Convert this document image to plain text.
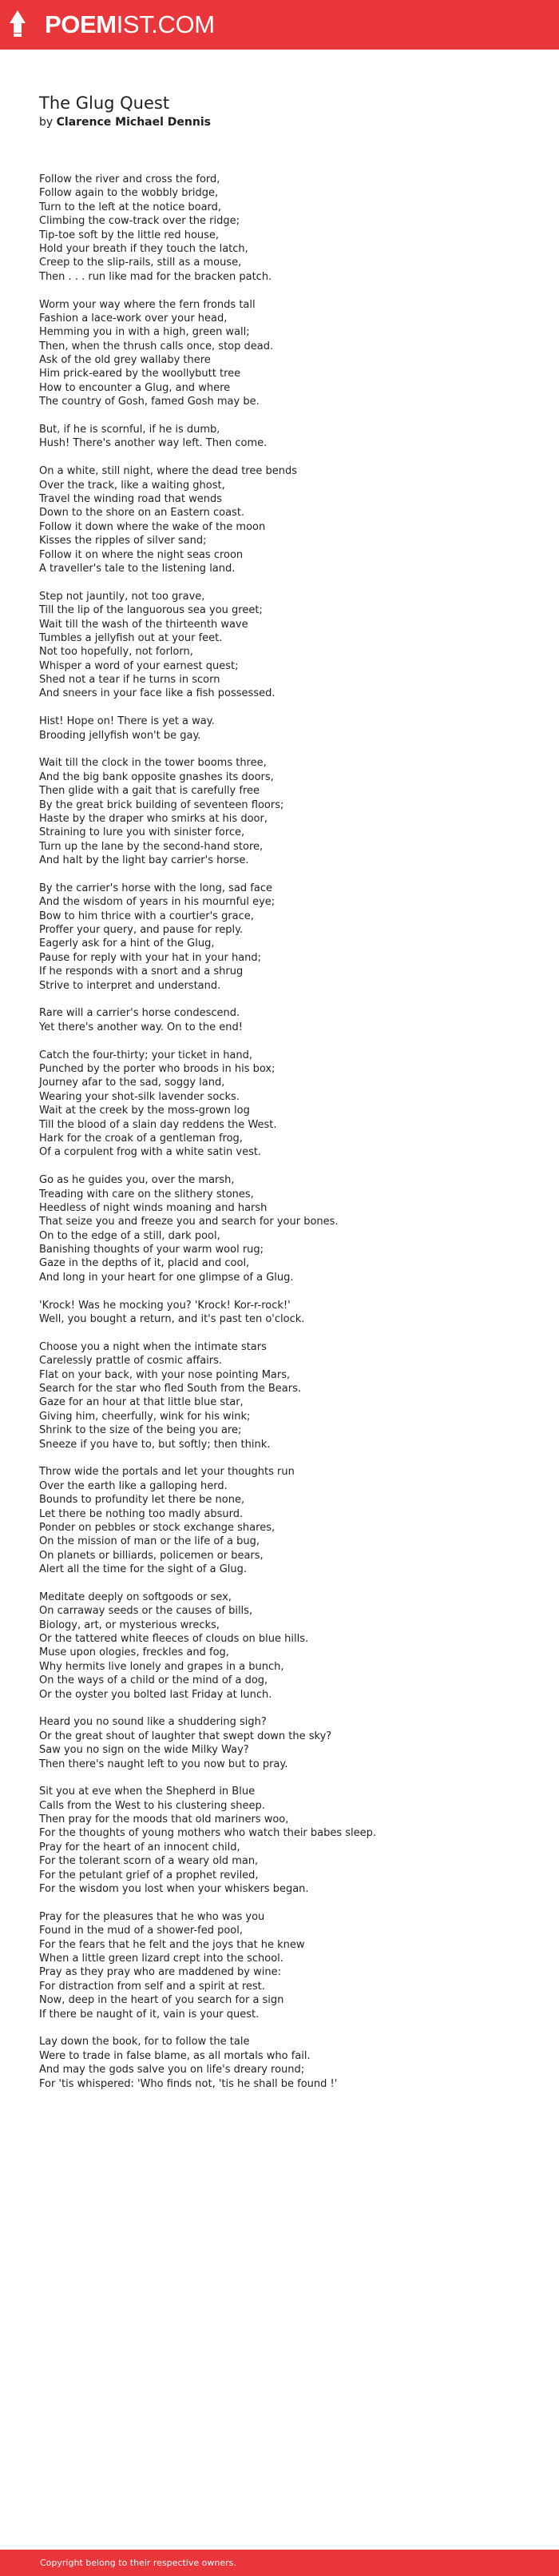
POEMIST.COM
The Glug Quest
by Clarence Michael Dennis
Follow the river and cross the ford,
Follow again to the wobbly bridge,
Turn to the left at the notice board,
Climbing the cow-track over the ridge;
Tip-toe soft by the little red house,
Hold your breath if they touch the latch,
Creep to the slip-rails, still as a mouse,
Then . . . run like mad for the bracken patch.
Worm your way where the fern fronds tall
Fashion a lace-work over your head,
Hemming you in with a high, green wall;
Then, when the thrush calls once, stop dead.
Ask of the old grey wallaby there
Him prick-eared by the woollybutt tree
How to encounter a Glug, and where
The country of Gosh, famed Gosh may be.
But, if he is scornful, if he is dumb,
Hush! There's another way left. Then come.
On a white, still night, where the dead tree bends
Over the track, like a waiting ghost,
Travel the winding road that wends
Down to the shore on an Eastern coast.
Follow it down where the wake of the moon
Kisses the ripples of silver sand;
Follow it on where the night seas croon
A traveller's tale to the listening land.
Step not jauntily, not too grave,
Till the lip of the languorous sea you greet;
Wait till the wash of the thirteenth wave
Tumbles a jellyfish out at your feet.
Not too hopefully, not forlorn,
Whisper a word of your earnest quest;
Shed not a tear if he turns in scorn
And sneers in your face like a fish possessed.
Hist! Hope on! There is yet a way.
Brooding jellyfish won't be gay.
Wait till the clock in the tower booms three,
And the big bank opposite gnashes its doors,
Then glide with a gait that is carefully free
By the great brick building of seventeen floors;
Haste by the draper who smirks at his door,
Straining to lure you with sinister force,
Turn up the lane by the second-hand store,
And halt by the light bay carrier's horse.
By the carrier's horse with the long, sad face
And the wisdom of years in his mournful eye;
Bow to him thrice with a courtier's grace,
Proffer your query, and pause for reply.
Eagerly ask for a hint of the Glug,
Pause for reply with your hat in your hand;
If he responds with a snort and a shrug
Strive to interpret and understand.
Rare will a carrier's horse condescend.
Yet there's another way. On to the end!
Catch the four-thirty; your ticket in hand,
Punched by the porter who broods in his box;
Journey afar to the sad, soggy land,
Wearing your shot-silk lavender socks.
Wait at the creek by the moss-grown log
Till the blood of a slain day reddens the West.
Hark for the croak of a gentleman frog,
Of a corpulent frog with a white satin vest.
Go as he guides you, over the marsh,
Treading with care on the slithery stones,
Heedless of night winds moaning and harsh
That seize you and freeze you and search for your bones.
On to the edge of a still, dark pool,
Banishing thoughts of your warm wool rug;
Gaze in the depths of it, placid and cool,
And long in your heart for one glimpse of a Glug.
'Krock! Was he mocking you? 'Krock! Kor-r-rock!'
Well, you bought a return, and it's past ten o'clock.
Choose you a night when the intimate stars
Carelessly prattle of cosmic affairs.
Flat on your back, with your nose pointing Mars,
Search for the star who fled South from the Bears.
Gaze for an hour at that little blue star,
Giving him, cheerfully, wink for his wink;
Shrink to the size of the being you are;
Sneeze if you have to, but softly; then think.
Throw wide the portals and let your thoughts run
Over the earth like a galloping herd.
Bounds to profundity let there be none,
Let there be nothing too madly absurd.
Ponder on pebbles or stock exchange shares,
On the mission of man or the life of a bug,
On planets or billiards, policemen or bears,
Alert all the time for the sight of a Glug.
Meditate deeply on softgoods or sex,
On carraway seeds or the causes of bills,
Biology, art, or mysterious wrecks,
Or the tattered white fleeces of clouds on blue hills.
Muse upon ologies, freckles and fog,
Why hermits live lonely and grapes in a bunch,
On the ways of a child or the mind of a dog,
Or the oyster you bolted last Friday at lunch.
Heard you no sound like a shuddering sigh?
Or the great shout of laughter that swept down the sky?
Saw you no sign on the wide Milky Way?
Then there's naught left to you now but to pray.
Sit you at eve when the Shepherd in Blue
Calls from the West to his clustering sheep.
Then pray for the moods that old mariners woo,
For the thoughts of young mothers who watch their babes sleep.
Pray for the heart of an innocent child,
For the tolerant scorn of a weary old man,
For the petulant grief of a prophet reviled,
For the wisdom you lost when your whiskers began.
Pray for the pleasures that he who was you
Found in the mud of a shower-fed pool,
For the fears that he felt and the joys that he knew
When a little green lizard crept into the school.
Pray as they pray who are maddened by wine:
For distraction from self and a spirit at rest.
Now, deep in the heart of you search for a sign
If there be naught of it, vain is your quest.
Lay down the book, for to follow the tale
Were to trade in false blame, as all mortals who fail.
And may the gods salve you on life's dreary round;
For 'tis whispered: 'Who finds not, 'tis he shall be found !'
Copyright belong to their respective owners.
